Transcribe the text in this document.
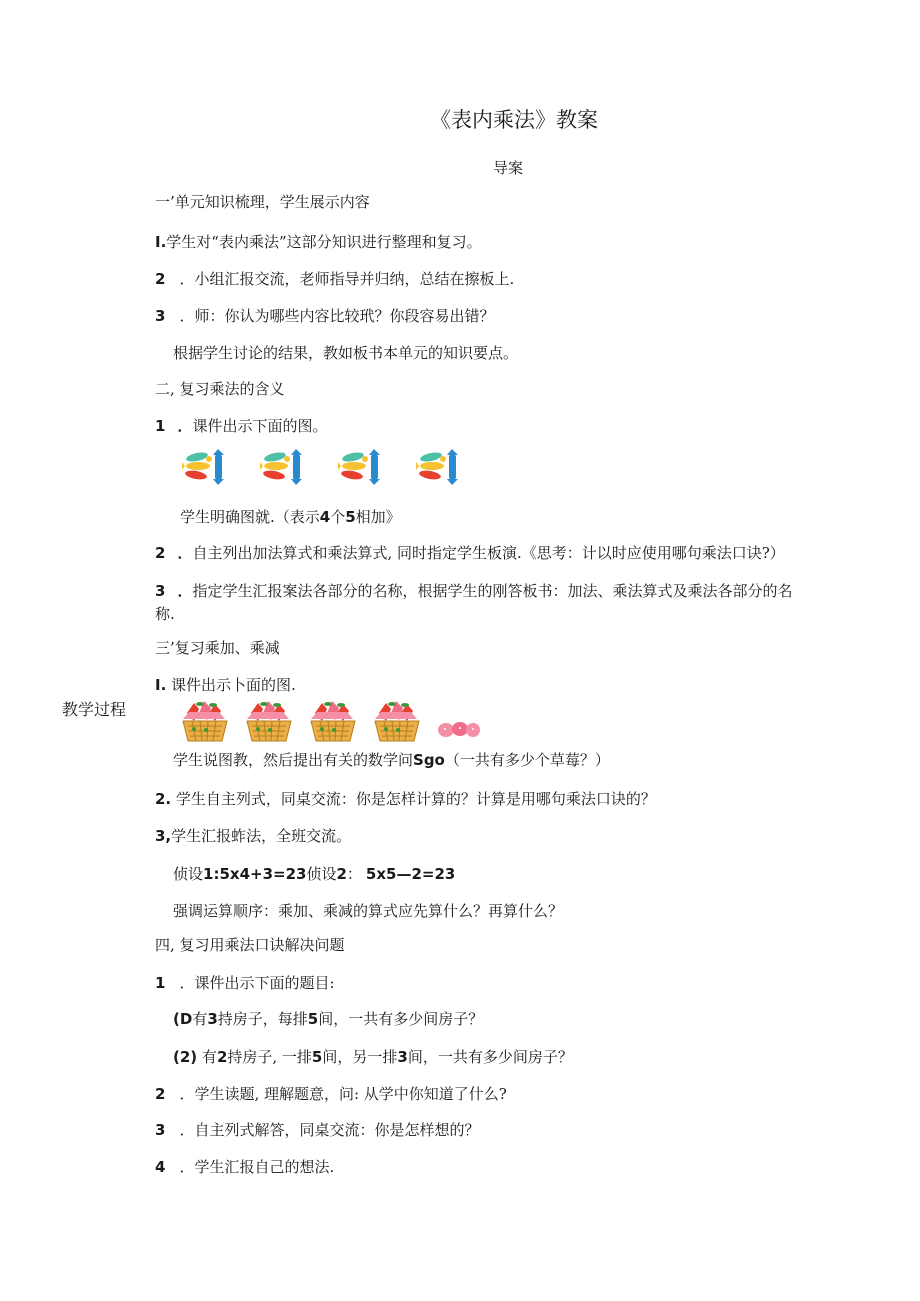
《表内乘法》教案
导案
教学过程
一’单元知识梳理，学生展示内容
I.学生对“表内乘法”这部分知识进行整理和复习。
2 ．小组汇报交流，老师指导并归纳，总结在擦板上.
3 ．师：你认为哪些内容比较玳？你段容易出错？
根据学生讨论的结果，教如板书本单元的知识要点。
二, 复习乘法的含义
1 ．课件出示下面的图。
学生明确图就.（表示4个5相加》
2 ．自主列出加法算式和乘法算式, 同时指定学生板演.《思考：计以时应使用哪句乘法口诀?）
3 ．指定学生汇报案法各部分的名称，根据学生的刚答板书：加法、乘法算式及乘法各部分的名
称.
三’复习乘加、乘减
I. 课件出示卜面的图.
学生说图教，然后提出有关的数学问Sgo（一共有多少个草莓？）
2. 学生自主列式，同桌交流：你是怎样计算的？计算是用哪句乘法口诀的？
3,学生汇报蚱法，全班交流。
侦设1:5x4+3=23侦设2： 5x5—2=23
强调运算顺序：乘加、乘减的算式应先算什么？再算什么？
四, 复习用乘法口诀解决问题
1 ．课件出示下面的题目:
(D有3持房子，每排5间，一共有多少间房子？
(2) 有2持房子, 一排5间，另一排3间，一共有多少间房子？
2 ．学生读题, 理解题意，问: 从学中你知道了什么?
3 ．自主列式解答，同桌交流：你是怎样想的？
4 ．学生汇报自己的想法.
